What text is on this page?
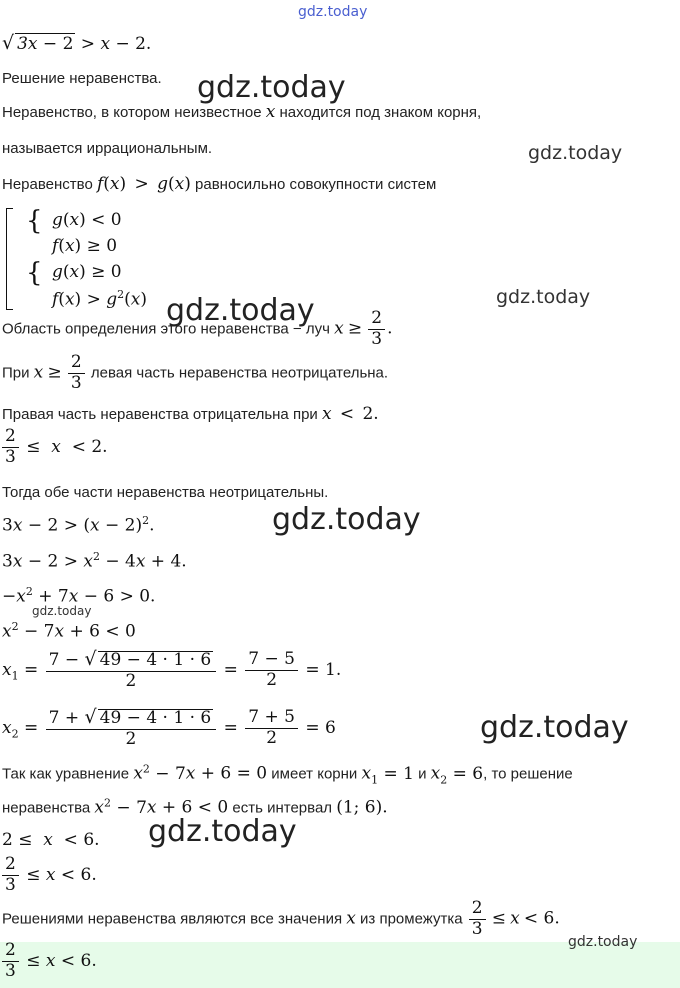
gdz.today
gdz.today
gdz.today
gdz.today	gdz.today
gdz.today
gdz.today
gdz.today
gdz.today
gdz.today
√ 3x − 2 > x − 2.
Решение неравенства.
Неравенство, в котором неизвестное x находится под знаком корня,
называется иррациональным.
Неравенство f(x) > g(x) равносильно совокупности систем
{
{
g(x) < 0
f(x) ≥ 0
g(x) ≥ 0
$f(x) > g^2(x)$
Область определения этого неравенства − луч $x \ge \frac{2}{3}$ .
При $x \ge \frac{2}{3}$ левая часть неравенства неотрицательна.
Правая часть неравенства отрицательна при x < 2.
$\frac{2}{3} \le x < 2$.
Тогда обе части неравенства неотрицательны.
$3x - 2 > (x - 2)^2$.
$3x - 2 > x^2 - 4x + 4$.
$-x^2 + 7x - 6 > 0$.
$x^2 - 7x + 6 < 0$
$x_1 = \frac{7 - √ 49 - 4 \cdot 1 \cdot 6}{2} = \frac{7 - 5}{2} = 1$.
$x_2 = \frac{7 + √ 49 - 4 \cdot 1 \cdot 6}{2} = \frac{7 + 5}{2} = 6$
Так как уравнение $x^2 - 7x + 6 = 0$ имеет корни $x_1 = 1$ и $x_2 = 6$, то решение
неравенства $x^2 - 7x + 6 < 0$ есть интервал (1; 6).
2 ≤  x  < 6.
$\frac{2}{3} \le x < 6$.
Решениями неравенства являются все значения x из промежутка $\frac{2}{3} \le x < 6$.
$\frac{2}{3} \le x < 6$.
